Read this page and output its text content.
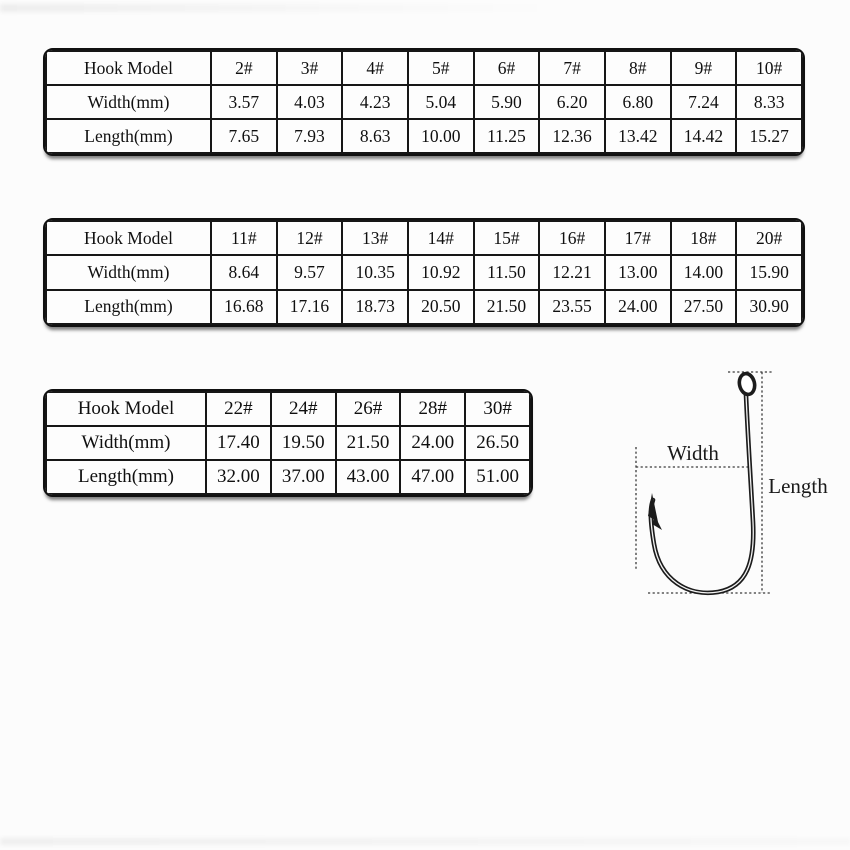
Hook Model	2#	3#	4#	5#	6#	7#	8#	9#	10#
Width(mm)	3.57	4.03	4.23	5.04	5.90	6.20	6.80	7.24	8.33
Length(mm)	7.65	7.93	8.63	10.00	11.25	12.36	13.42	14.42	15.27
Hook Model	11#	12#	13#	14#	15#	16#	17#	18#	20#
Width(mm)	8.64	9.57	10.35	10.92	11.50	12.21	13.00	14.00	15.90
Length(mm)	16.68	17.16	18.73	20.50	21.50	23.55	24.00	27.50	30.90
Hook Model	22#	24#	26#	28#	30#
Width(mm)	17.40	19.50	21.50	24.00	26.50
Length(mm)	32.00	37.00	43.00	47.00	51.00
Width
Length
